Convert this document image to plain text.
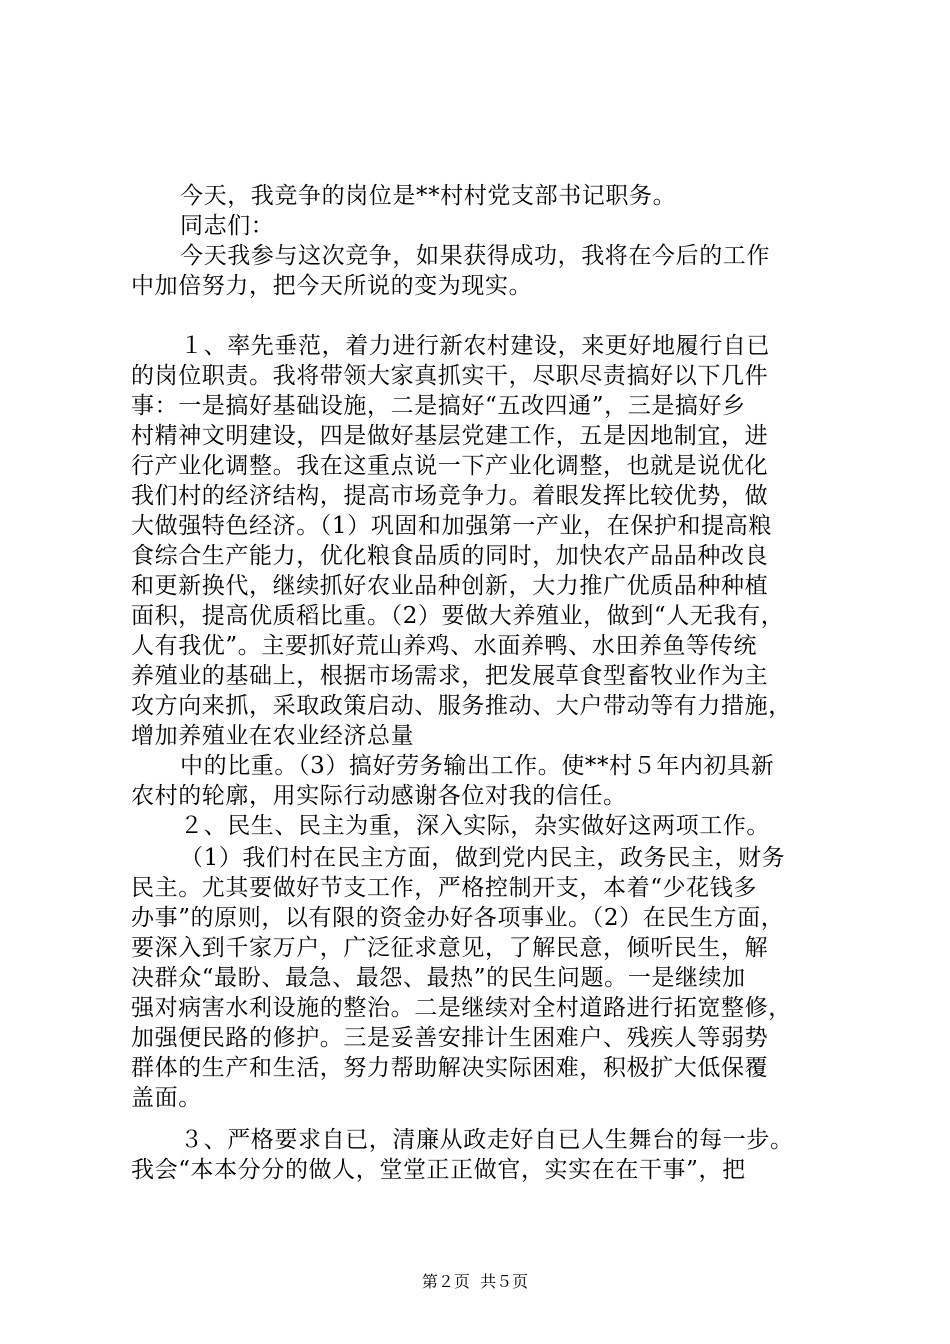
今天，我竞争的岗位是**村村党支部书记职务。
同志们：
今天我参与这次竞争，如果获得成功，我将在今后的工作
中加倍努力，把今天所说的变为现实。
１、率先垂范，着力进行新农村建设，来更好地履行自已
的岗位职责。我将带领大家真抓实干，尽职尽责搞好以下几件
事：一是搞好基础设施，二是搞好“五改四通”，三是搞好乡
村精神文明建设，四是做好基层党建工作，五是因地制宜，进
行产业化调整。我在这重点说一下产业化调整，也就是说优化
我们村的经济结构，提高市场竞争力。着眼发挥比较优势，做
大做强特色经济。（1）巩固和加强第一产业，在保护和提高粮
食综合生产能力，优化粮食品质的同时，加快农产品品种改良
和更新换代，继续抓好农业品种创新，大力推广优质品种种植
面积，提高优质稻比重。（2）要做大养殖业，做到“人无我有，
人有我优”。主要抓好荒山养鸡、水面养鸭、水田养鱼等传统
养殖业的基础上，根据市场需求，把发展草食型畜牧业作为主
攻方向来抓，采取政策启动、服务推动、大户带动等有力措施，
增加养殖业在农业经济总量
中的比重。（3）搞好劳务输出工作。使**村５年内初具新
农村的轮廓，用实际行动感谢各位对我的信任。
２、民生、民主为重，深入实际，杂实做好这两项工作。
（1）我们村在民主方面，做到党内民主，政务民主，财务
民主。尤其要做好节支工作，严格控制开支，本着“少花钱多
办事”的原则，以有限的资金办好各项事业。（2）在民生方面，
要深入到千家万户，广泛征求意见，了解民意，倾听民生，解
决群众“最盼、最急、最怨、最热”的民生问题。一是继续加
强对病害水利设施的整治。二是继续对全村道路进行拓宽整修，
加强便民路的修护。三是妥善安排计生困难户、残疾人等弱势
群体的生产和生活，努力帮助解决实际困难，积极扩大低保覆
盖面。
３、严格要求自已，清廉从政走好自已人生舞台的每一步。
我会“本本分分的做人，堂堂正正做官，实实在在干事”，把
第２页  共５页
